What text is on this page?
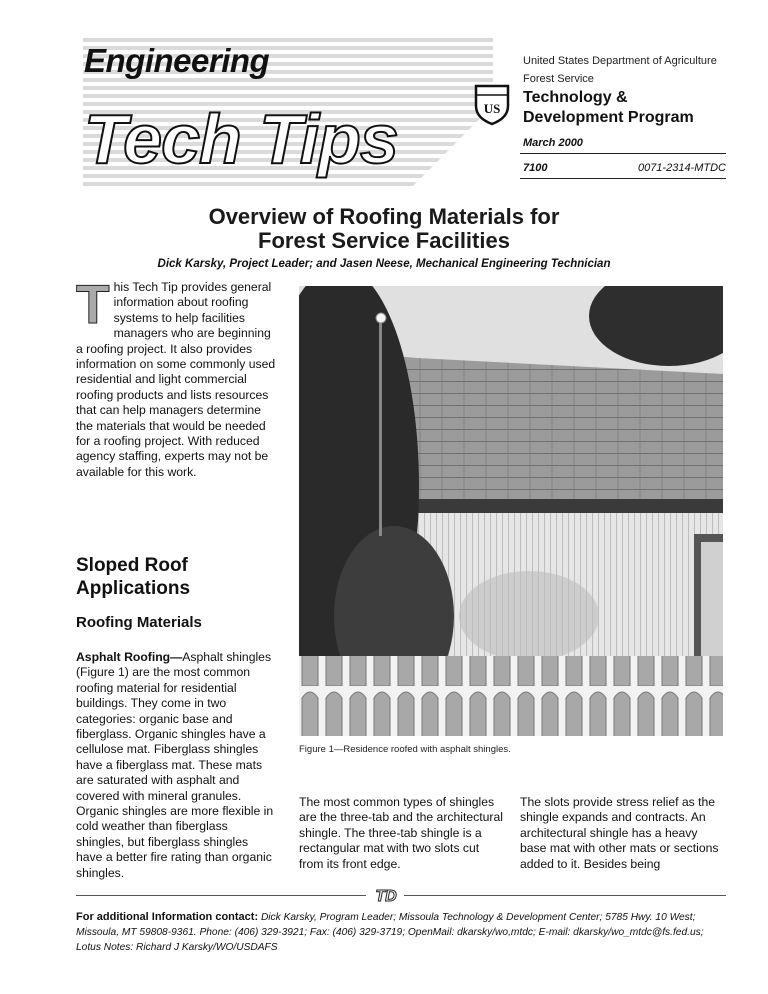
Engineering
Tech Tips
United States Department of Agriculture
Forest Service
US
Technology &
Development Program
March 2000
7100	0071-2314-MTDC
Overview of Roofing Materials for
Forest Service Facilities
Dick Karsky, Project Leader; and Jasen Neese, Mechanical Engineering Technician
This Tech Tip provides general information about roofing systems to help facilities managers who are beginning a roofing project. It also provides information on some commonly used residential and light commercial roofing products and lists resources that can help managers determine the materials that would be needed for a roofing project. With reduced agency staffing, experts may not be available for this work.
Sloped Roof
Applications
Roofing Materials
Asphalt Roofing—Asphalt shingles (Figure 1) are the most common roofing material for residential buildings. They come in two categories: organic base and fiberglass. Organic shingles have a cellulose mat. Fiberglass shingles have a fiberglass mat. These mats are saturated with asphalt and covered with mineral granules. Organic shingles are more flexible in cold weather than fiberglass shingles, but fiberglass shingles have a better fire rating than organic shingles.
Figure 1—Residence roofed with asphalt shingles.
The most common types of shingles are the three-tab and the architectural shingle. The three-tab shingle is a rectangular mat with two slots cut from its front edge.
The slots provide stress relief as the shingle expands and contracts. An architectural shingle has a heavy base mat with other mats or sections added to it. Besides being
TD
For additional Information contact: Dick Karsky, Program Leader; Missoula Technology & Development Center; 5785 Hwy. 10 West; Missoula, MT 59808-9361. Phone: (406) 329-3921; Fax: (406) 329-3719; OpenMail: dkarsky/wo,mtdc; E-mail: dkarsky/wo_mtdc@fs.fed.us; Lotus Notes: Richard J Karsky/WO/USDAFS
